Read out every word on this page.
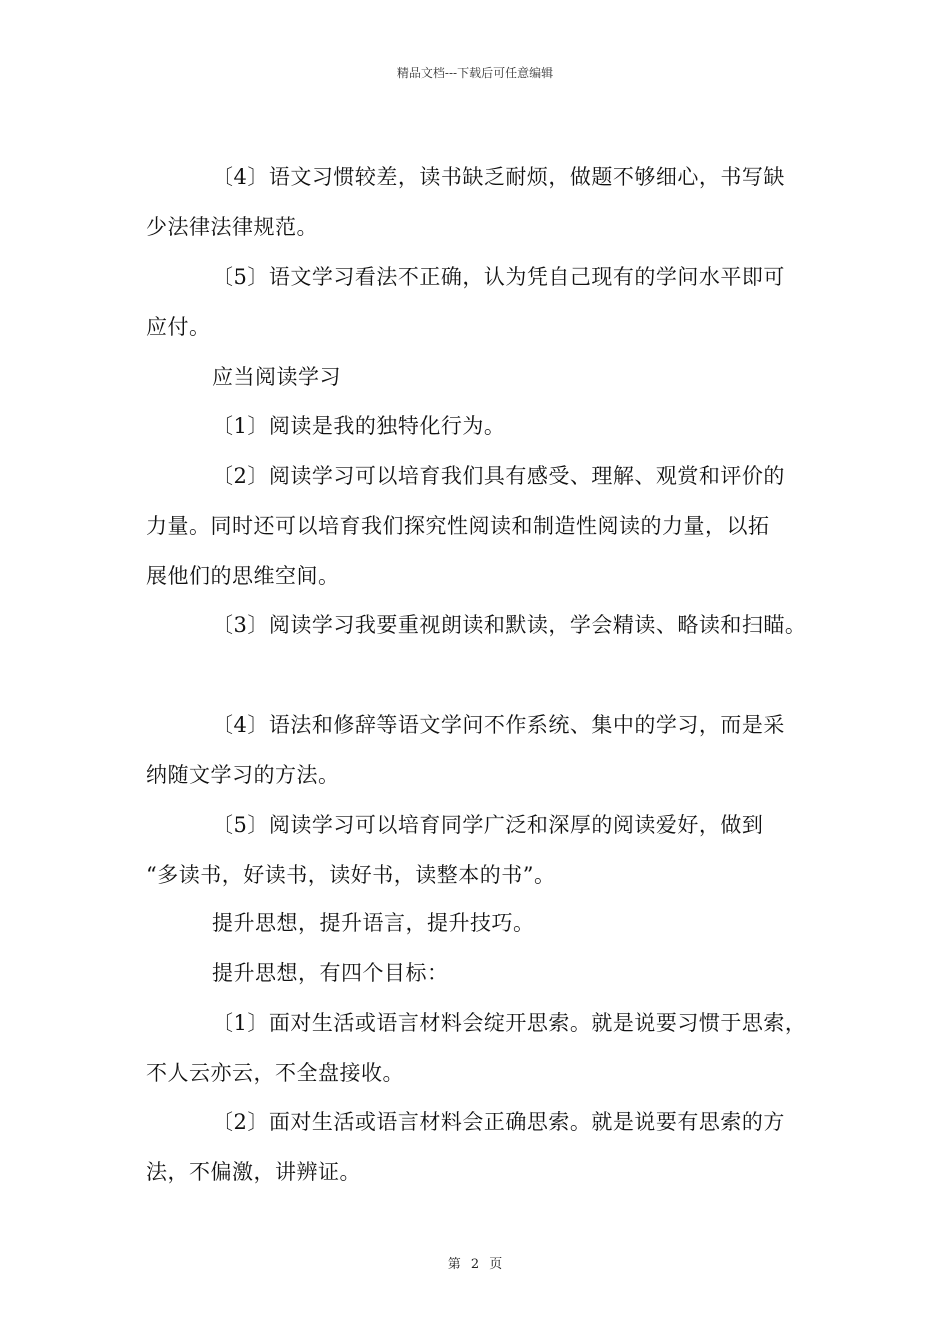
精品文档---下载后可任意编辑
〔4〕语文习惯较差，读书缺乏耐烦，做题不够细心，书写缺
少法律法律规范。
〔5〕语文学习看法不正确，认为凭自己现有的学问水平即可
应付。
应当阅读学习
〔1〕阅读是我的独特化行为。
〔2〕阅读学习可以培育我们具有感受、理解、观赏和评价的
力量。同时还可以培育我们探究性阅读和制造性阅读的力量，以拓
展他们的思维空间。
〔3〕阅读学习我要重视朗读和默读，学会精读、略读和扫瞄。
〔4〕语法和修辞等语文学问不作系统、集中的学习，而是采
纳随文学习的方法。
〔5〕阅读学习可以培育同学广泛和深厚的阅读爱好，做到
“多读书，好读书，读好书，读整本的书”。
提升思想，提升语言，提升技巧。
提升思想，有四个目标：
〔1〕面对生活或语言材料会绽开思索。就是说要习惯于思索，
不人云亦云，不全盘接收。
〔2〕面对生活或语言材料会正确思索。就是说要有思索的方
法，不偏激，讲辨证。
第 2 页
